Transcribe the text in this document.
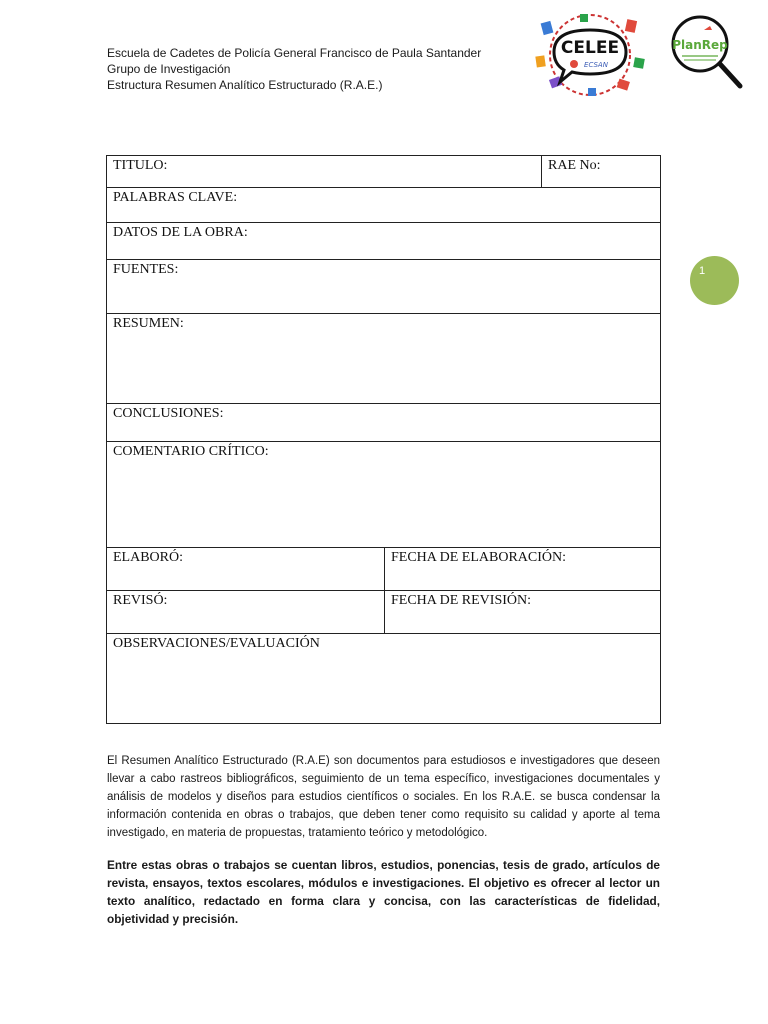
Escuela de Cadetes de Policía General Francisco de Paula Santander
Grupo de Investigación
Estructura Resumen Analítico Estructurado (R.A.E.)
CELEE
ECSAN
PlanRep
1
TITULO:		RAE No:
PALABRAS CLAVE:		
DATOS DE LA OBRA:		
FUENTES:		
RESUMEN:		
CONCLUSIONES:		
COMENTARIO CRÍTICO:		
ELABORÓ:	FECHA DE ELABORACIÓN:	
REVISÓ:	FECHA DE REVISIÓN:	
OBSERVACIONES/EVALUACIÓN		

El Resumen Analítico Estructurado (R.A.E) son documentos para estudiosos e investigadores que deseen llevar a cabo rastreos bibliográficos, seguimiento de un tema específico, investigaciones documentales y análisis de modelos y diseños para estudios científicos o sociales. En los R.A.E. se busca condensar la información contenida en obras o trabajos, que deben tener como requisito su calidad y aporte al tema investigado, en materia de propuestas, tratamiento teórico y metodológico.

Entre estas obras o trabajos se cuentan libros, estudios, ponencias, tesis de grado, artículos de revista, ensayos, textos escolares, módulos e investigaciones. El objetivo es ofrecer al lector un texto analítico, redactado en forma clara y concisa, con las características de fidelidad, objetividad y precisión.
